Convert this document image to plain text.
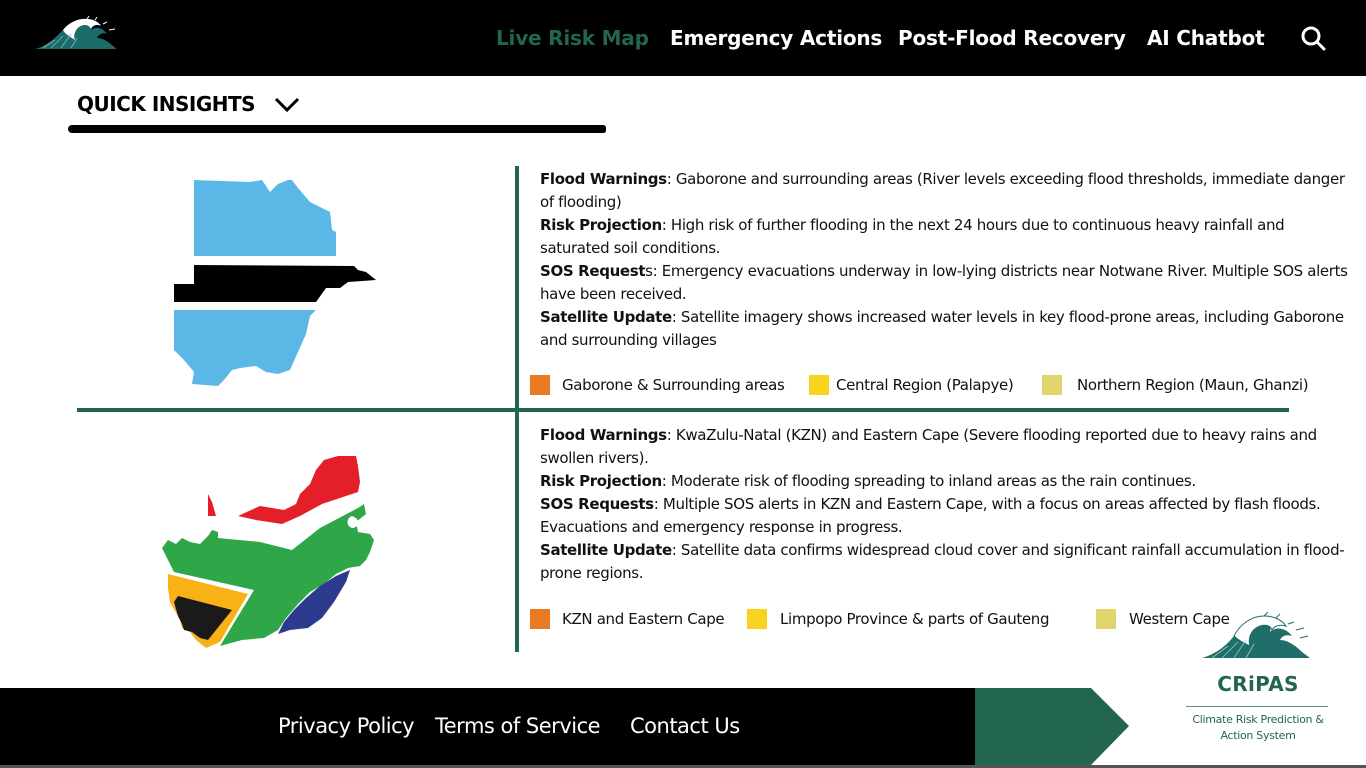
Live Risk Map Emergency Actions Post-Flood Recovery AI Chatbot
QUICK INSIGHTS

Flood Warnings: Gaborone and surrounding areas (River levels exceeding flood thresholds, immediate danger of flooding)

Risk Projection: High risk of further flooding in the next 24 hours due to continuous heavy rainfall and saturated soil conditions.

SOS Requests: Emergency evacuations underway in low-lying districts near Notwane River. Multiple SOS alerts have been received.

Satellite Update: Satellite imagery shows increased water levels in key flood-prone areas, including Gaborone and surrounding villages

Gaborone & Surrounding areas	Central Region (Palapye)	Northern Region (Maun, Ghanzi)

Flood Warnings: KwaZulu-Natal (KZN) and Eastern Cape (Severe flooding reported due to heavy rains and swollen rivers).

Risk Projection: Moderate risk of flooding spreading to inland areas as the rain continues.

SOS Requests: Multiple SOS alerts in KZN and Eastern Cape, with a focus on areas affected by flash floods. Evacuations and emergency response in progress.

Satellite Update: Satellite data confirms widespread cloud cover and significant rainfall accumulation in flood-prone regions.

KZN and Eastern Cape	Limpopo Province & parts of Gauteng	Western Cape
Privacy Policy Terms of Service Contact Us
CRiPAS
Climate Risk Prediction &
Action System
